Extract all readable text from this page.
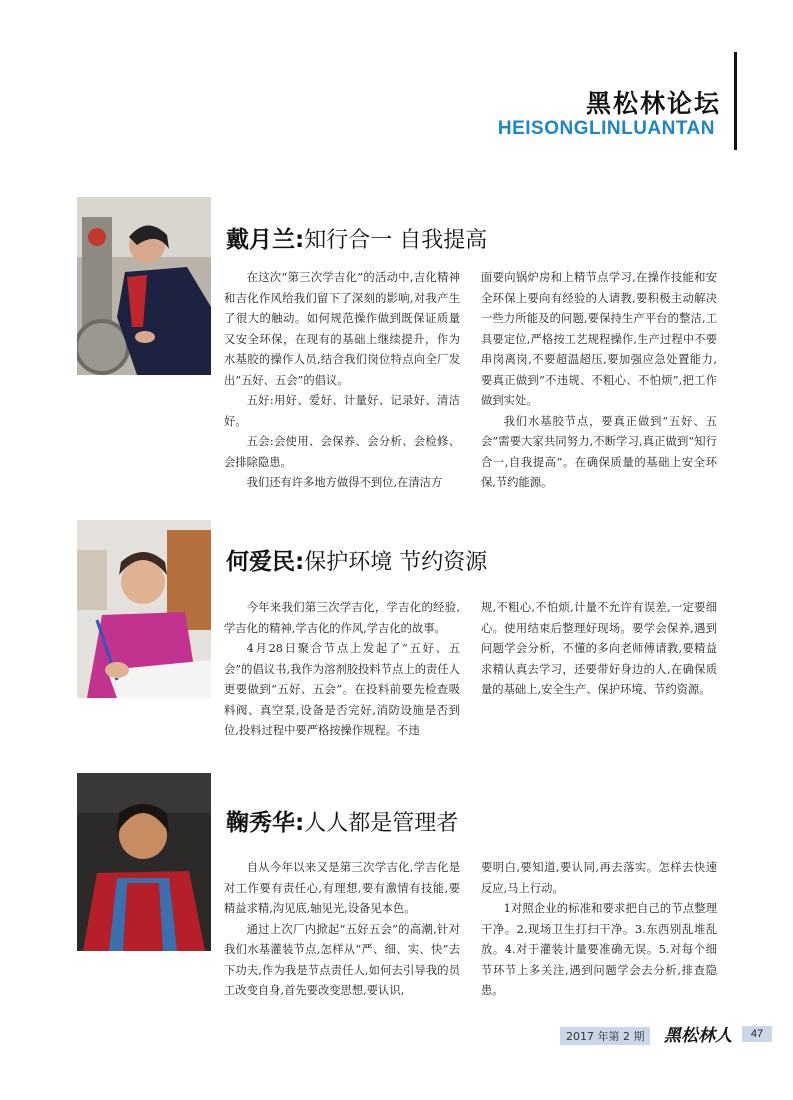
黑松林论坛
HEISONGLINLUANTAN
戴月兰:知行合一 自我提高

在这次“第三次学吉化”的活动中,吉化精神和吉化作风给我们留下了深刻的影响,对我产生了很大的触动。如何规范操作做到既保证质量又安全环保，在现有的基础上继续提升，作为水基胶的操作人员,结合我们岗位特点向全厂发出“五好、五会”的倡议。

五好:用好、爱好、计量好、记录好、清洁好。

五会:会使用、会保养、会分析、会检修、会排除隐患。

我们还有许多地方做得不到位,在清洁方

面要向锅炉房和上精节点学习,在操作技能和安全环保上要向有经验的人请教,要积极主动解决一些力所能及的问题,要保持生产平台的整洁,工具要定位,严格按工艺规程操作,生产过程中不要串岗离岗,不要超温超压,要加强应急处置能力,要真正做到“不违规、不粗心、不怕烦”,把工作做到实处。

我们水基胶节点，要真正做到“五好、五会”需要大家共同努力,不断学习,真正做到“知行合一,自我提高”。在确保质量的基础上安全环保,节约能源。

何爱民:保护环境 节约资源

今年来我们第三次学吉化，学吉化的经验,学吉化的精神,学吉化的作风,学吉化的故事。

4月28日聚合节点上发起了“五好、五会”的倡议书,我作为溶剂胶投料节点上的责任人更要做到“五好、五会”。在投料前要先检查吸料阀、真空泵,设备是否完好,消防设施是否到位,投料过程中要严格按操作规程。不违

规,不粗心,不怕烦,计量不允许有误差,一定要细心。使用结束后整理好现场。要学会保养,遇到问题学会分析，不懂的多向老师傅请教,要精益求精认真去学习，还要带好身边的人,在确保质量的基础上,安全生产、保护环境、节约资源。

鞠秀华:人人都是管理者

自从今年以来又是第三次学吉化,学吉化是对工作要有责任心,有理想,要有激情有技能,要精益求精,沟见底,轴见光,设备见本色。

通过上次厂内掀起“五好五会”的高潮,针对我们水基灌装节点,怎样从“严、细、实、快”去下功夫,作为我是节点责任人,如何去引导我的员工改变自身,首先要改变思想,要认识,

要明白,要知道,要认同,再去落实。怎样去快速反应,马上行动。

1对照企业的标准和要求把自己的节点整理干净。2.现场卫生打扫干净。3.东西别乱堆乱放。4.对于灌装计量要准确无误。5.对每个细节环节上多关注,遇到问题学会去分析,排查隐患。

2017 年第 2 期	黑松林人	47
